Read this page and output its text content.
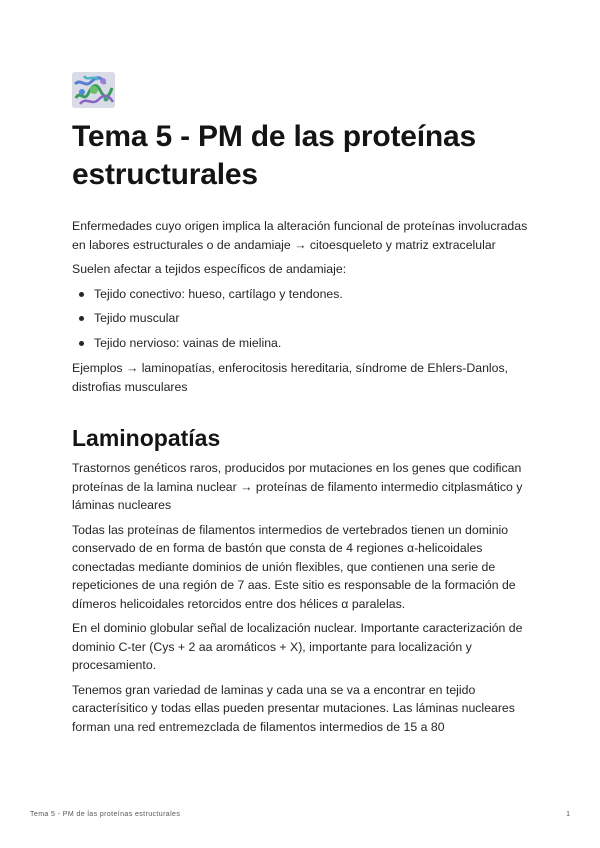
Tema 5 - PM de las proteínas estructurales

Enfermedades cuyo origen implica la alteración funcional de proteínas involucradas en labores estructurales o de andamiaje → citoesqueleto y matriz extracelular

Suelen afectar a tejidos específicos de andamiaje:

Tejido conectivo: hueso, cartílago y tendones.
Tejido muscular
Tejido nervioso: vainas de mielina.

Ejemplos → laminopatías, enferocitosis hereditaria, síndrome de Ehlers-Danlos, distrofias musculares

Laminopatías

Trastornos genéticos raros, producidos por mutaciones en los genes que codifican proteínas de la lamina nuclear → proteínas de filamento intermedio citplasmático y láminas nucleares

Todas las proteínas de filamentos intermedios de vertebrados tienen un dominio conservado de en forma de bastón que consta de 4 regiones α-helicoidales conectadas mediante dominios de unión flexibles, que contienen una serie de repeticiones de una región de 7 aas. Este sitio es responsable de la formación de dímeros helicoidales retorcidos entre dos hélices α paralelas.

En el dominio globular señal de localización nuclear. Importante caracterización de dominio C-ter (Cys + 2 aa aromáticos + X), importante para localización y procesamiento.

Tenemos gran variedad de laminas y cada una se va a encontrar en tejido caracterísitico y todas ellas pueden presentar mutaciones. Las láminas nucleares forman una red entremezclada de filamentos intermedios de 15 a 80

Tema 5 - PM de las proteínas estructurales	1
